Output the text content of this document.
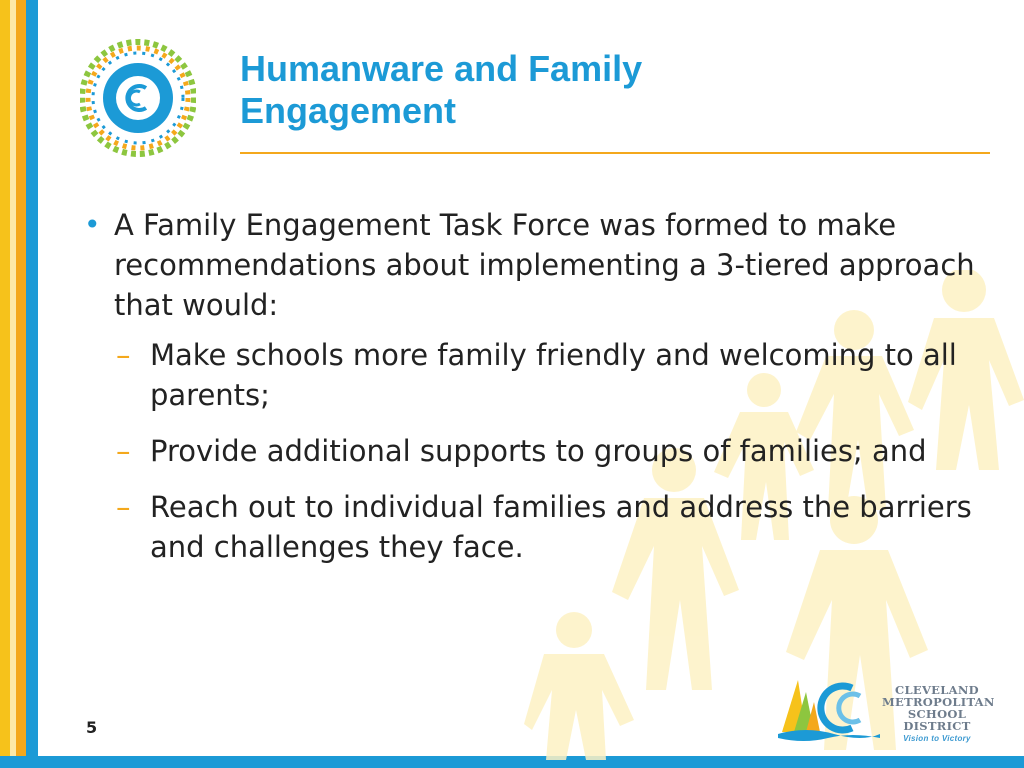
Humanware and Family
Engagement
• A Family Engagement Task Force was formed to make recommendations about implementing a 3-tiered approach that would:
– Make schools more family friendly and welcoming to all parents;
– Provide additional supports to groups of families; and
– Reach out to individual families and address the barriers and challenges they face.
5
CLEVELAND
METROPOLITAN
SCHOOL DISTRICT
Vision to Victory
